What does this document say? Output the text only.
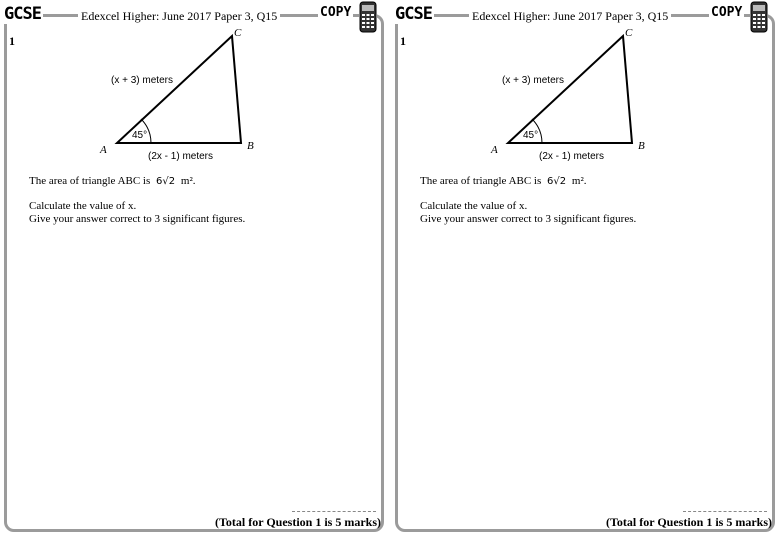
GCSE	Edexcel Higher: June 2017 Paper 3, Q15	COPY
1
A	B
C
(x + 3) meters
(2x - 1) meters
45°
The area of triangle ABC is 6√2 m².
Calculate the value of x.
Give your answer correct to 3 significant figures.
(Total for Question 1 is 5 marks)
GCSE	Edexcel Higher: June 2017 Paper 3, Q15	COPY
1
A	B
C
(x + 3) meters
(2x - 1) meters
45°
The area of triangle ABC is 6√2 m².
Calculate the value of x.
Give your answer correct to 3 significant figures.
(Total for Question 1 is 5 marks)
